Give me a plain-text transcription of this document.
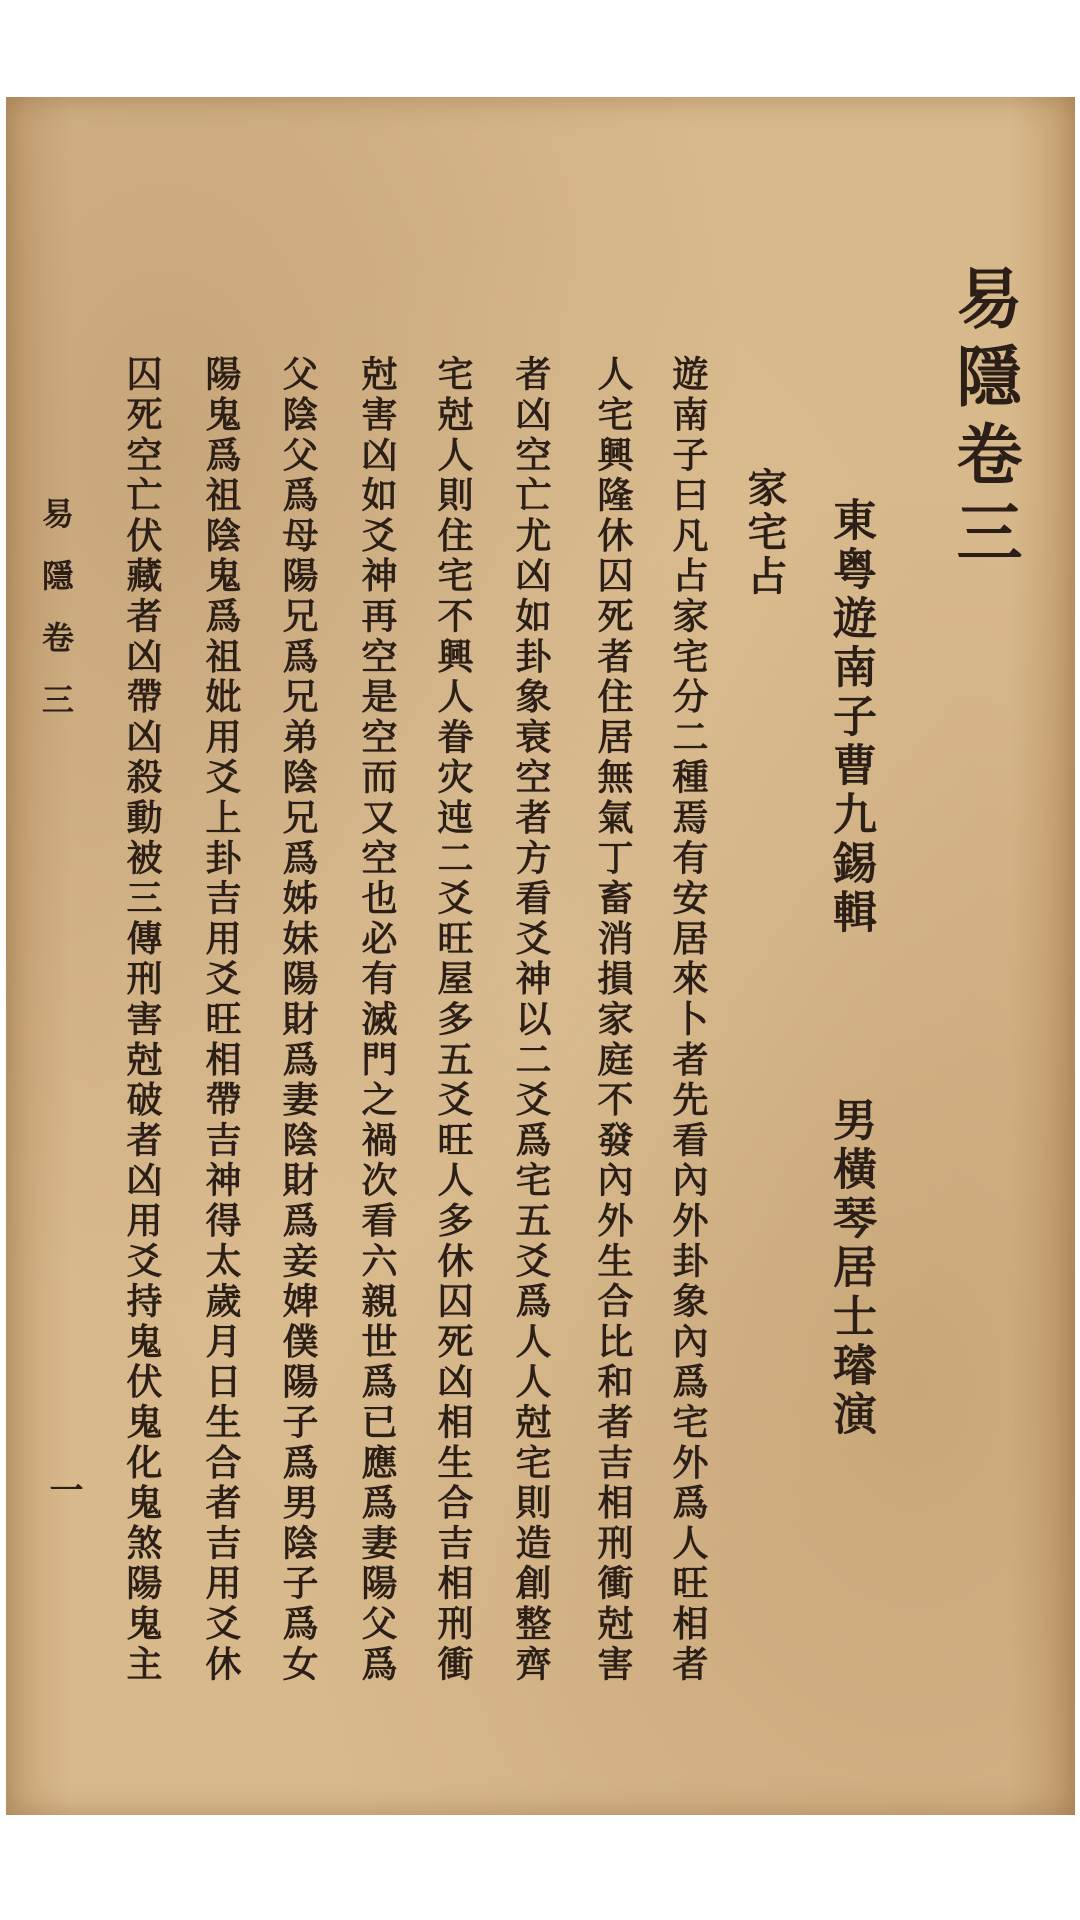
易隱卷三

東粤遊南子曹九錫輯

男橫琴居士璿演

家宅占

遊南子曰凡占家宅分二種焉有安居來卜者先看內外卦象內爲宅外爲人旺相者

人宅興隆休囚死者住居無氣丁畜消損家庭不發內外生合比和者吉相刑衝尅害

者凶空亡尤凶如卦象衰空者方看爻神以二爻爲宅五爻爲人人尅宅則造創整齊

宅尅人則住宅不興人眷灾迍二爻旺屋多五爻旺人多休囚死凶相生合吉相刑衝

尅害凶如爻神再空是空而又空也必有滅門之禍次看六親世爲已應爲妻陽父爲

父陰父爲母陽兄爲兄弟陰兄爲姊妹陽財爲妻陰財爲妾婢僕陽子爲男陰子爲女

陽鬼爲祖陰鬼爲祖妣用爻上卦吉用爻旺相帶吉神得太歲月日生合者吉用爻休

囚死空亡伏藏者凶帶凶殺動被三傳刑害尅破者凶用爻持鬼伏鬼化鬼煞陽鬼主

易隱卷三

一
